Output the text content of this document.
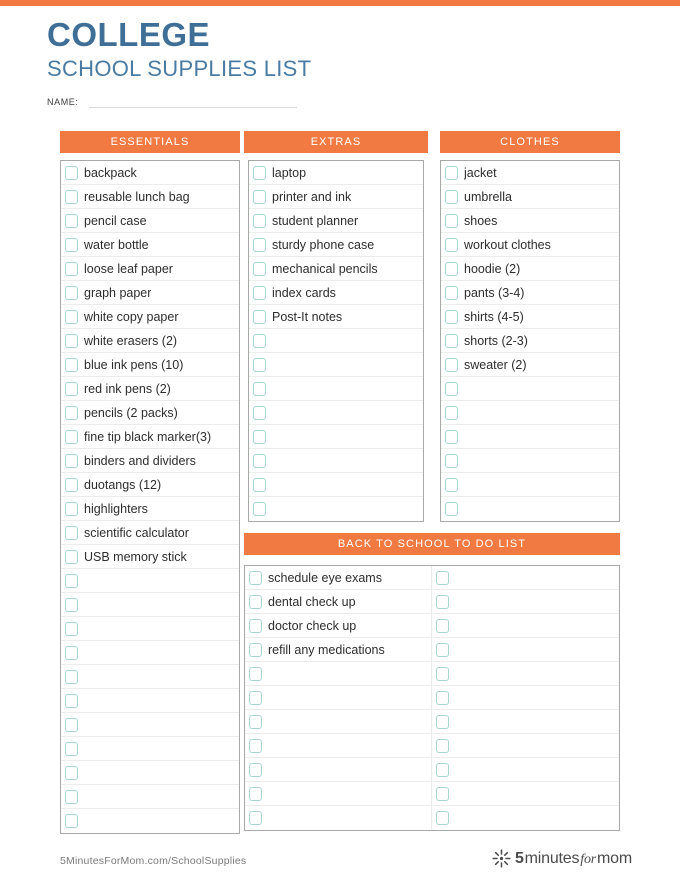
COLLEGE
SCHOOL SUPPLIES LIST
NAME:
ESSENTIALS	EXTRAS	CLOTHES
backpack
reusable lunch bag
pencil case
water bottle
loose leaf paper
graph paper
white copy paper
white erasers (2)
blue ink pens (10)
red ink pens (2)
pencils (2 packs)
fine tip black marker(3)
binders and dividers
duotangs (12)
highlighters
scientific calculator
USB memory stick
laptop
printer and ink
student planner
sturdy phone case
mechanical pencils
index cards
Post-It notes
jacket
umbrella
shoes
workout clothes
hoodie (2)
pants (3-4)
shirts (4-5)
shorts (2-3)
sweater (2)
BACK TO SCHOOL TO DO LIST
schedule eye exams
dental check up
doctor check up
refill any medications
5MinutesForMom.com/SchoolSupplies	5 minutes for mom
